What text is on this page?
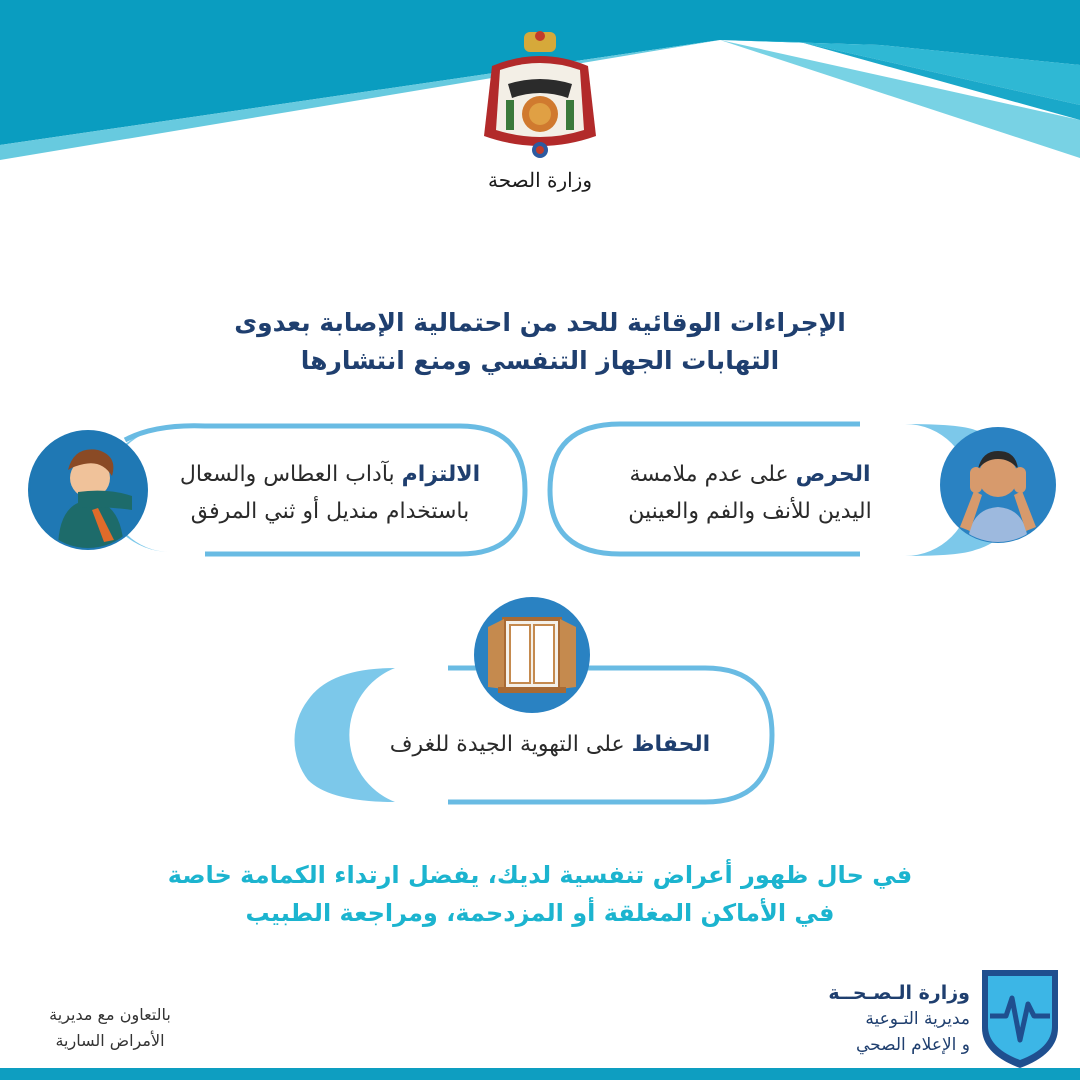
وزارة الصحة
الإجراءات الوقائية للحد من احتمالية الإصابة بعدوى
التهابات الجهاز التنفسي ومنع انتشارها
الالتزام بآداب العطاس والسعال
باستخدام منديل أو ثني المرفق
الحرص على عدم ملامسة
اليدين للأنف والفم والعينين
الحفاظ على التهوية الجيدة للغرف
في حال ظهور أعراض تنفسية لديك، يفضل ارتداء الكمامة خاصة
في الأماكن المغلقة أو المزدحمة، ومراجعة الطبيب
بالتعاون مع مديرية
الأمراض السارية
وزارة الـصـحــة
مديرية التـوعية
و الإعلام الصحي
